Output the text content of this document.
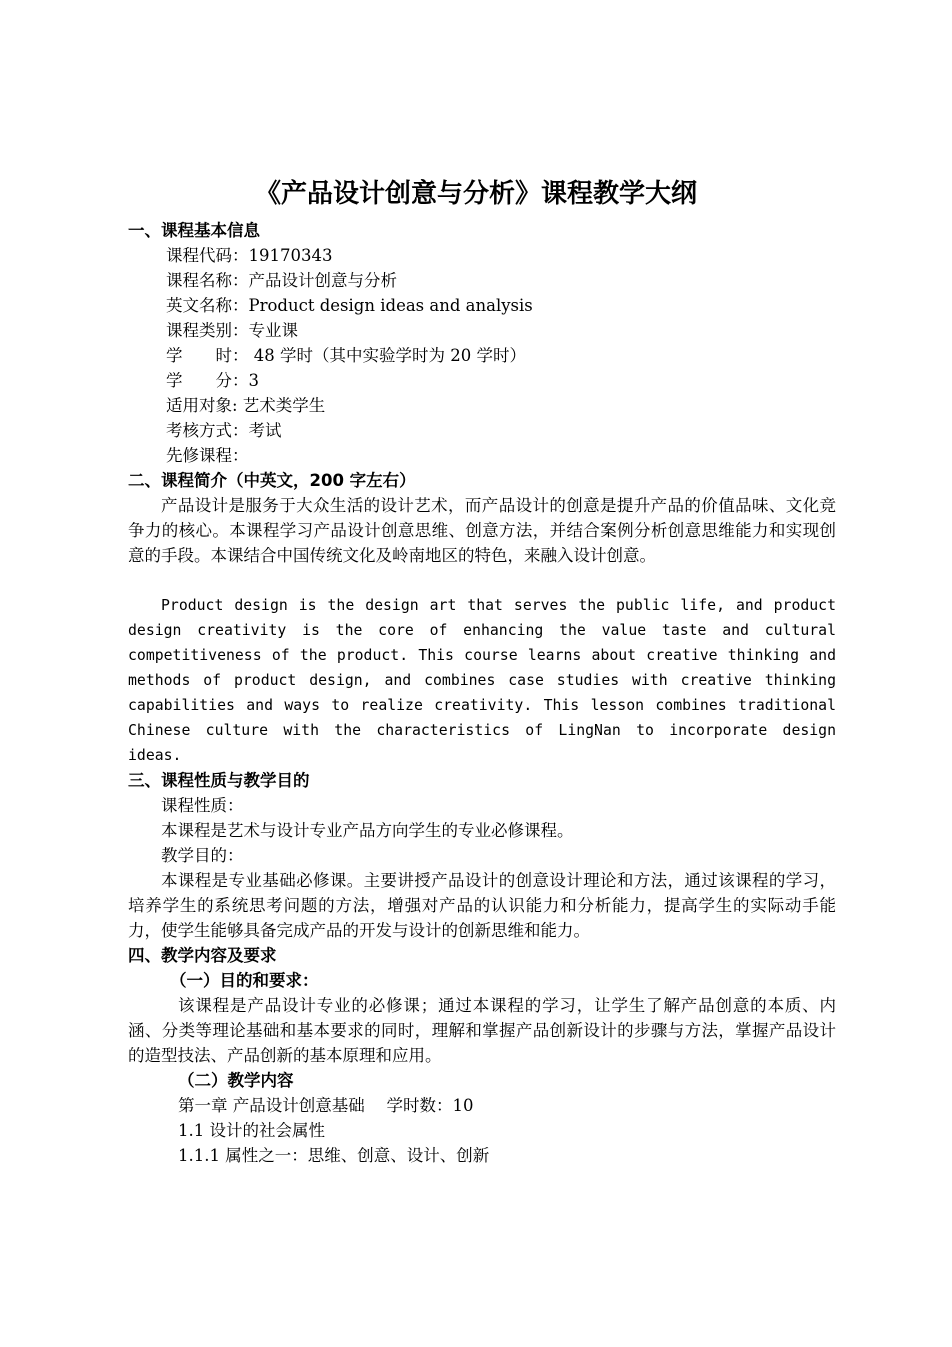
《产品设计创意与分析》课程教学大纲
一、课程基本信息
课程代码：19170343
课程名称：产品设计创意与分析
英文名称：Product design ideas and analysis
课程类别：专业课
学　　时： 48 学时（其中实验学时为 20 学时）
学　　分：3
适用对象: 艺术类学生
考核方式：考试
先修课程：
二、课程简介（中英文，200 字左右）
产品设计是服务于大众生活的设计艺术，而产品设计的创意是提升产品的价值品味、文化竞争力的核心。本课程学习产品设计创意思维、创意方法，并结合案例分析创意思维能力和实现创意的手段。本课结合中国传统文化及岭南地区的特色，来融入设计创意。
Product design is the design art that serves the public life, and product design creativity is the core of enhancing the value taste and cultural competitiveness of the product. This course learns about creative thinking and methods of product design, and combines case studies with creative thinking capabilities and ways to realize creativity. This lesson combines traditional Chinese culture with the characteristics of LingNan to incorporate design ideas.
三、课程性质与教学目的
课程性质：
本课程是艺术与设计专业产品方向学生的专业必修课程。
教学目的：
本课程是专业基础必修课。主要讲授产品设计的创意设计理论和方法，通过该课程的学习，培养学生的系统思考问题的方法，增强对产品的认识能力和分析能力，提高学生的实际动手能力，使学生能够具备完成产品的开发与设计的创新思维和能力。
四、教学内容及要求
（一）目的和要求：
该课程是产品设计专业的必修课；通过本课程的学习，让学生了解产品创意的本质、内涵、分类等理论基础和基本要求的同时，理解和掌握产品创新设计的步骤与方法，掌握产品设计的造型技法、产品创新的基本原理和应用。
（二）教学内容
第一章 产品设计创意基础　 学时数：10
1.1 设计的社会属性
1.1.1 属性之一：思维、创意、设计、创新
